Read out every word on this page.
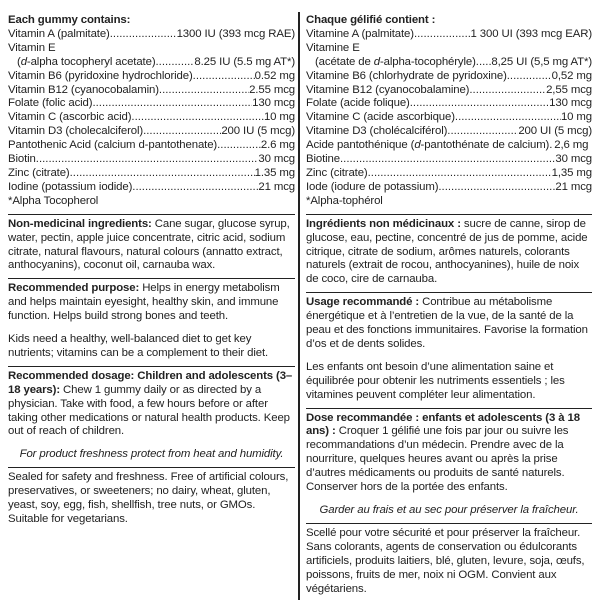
Each gummy contains:
Vitamin A (palmitate) .....	1300 IU (393 mcg RAE)
Vitamin E
(d-alpha tocopheryl acetate) .....	8.25 IU (5.5 mg AT*)
Vitamin B6 (pyridoxine hydrochloride) .....	0.52 mg
Vitamin B12 (cyanocobalamin) .....	2.55 mcg
Folate (folic acid) .....	130 mcg
Vitamin C (ascorbic acid) .....	10 mg
Vitamin D3 (cholecalciferol) .....	200 IU (5 mcg)
Pantothenic Acid (calcium d-pantothenate) .....	2.6 mg
Biotin .....	30 mcg
Zinc (citrate) .....	1.35 mg
Iodine (potassium iodide) .....	21 mcg
*Alpha Tocopherol

Non-medicinal ingredients: Cane sugar, glucose syrup, water, pectin, apple juice concentrate, citric acid, sodium citrate, natural flavours, natural colours (annatto extract, anthocyanins), coconut oil, carnauba wax.

Recommended purpose: Helps in energy metabolism and helps maintain eyesight, healthy skin, and immune function. Helps build strong bones and teeth.

Kids need a healthy, well-balanced diet to get key nutrients; vitamins can be a complement to their diet.

Recommended dosage: Children and adolescents (3–18 years): Chew 1 gummy daily or as directed by a physician. Take with food, a few hours before or after taking other medications or natural health products. Keep out of reach of children.

For product freshness protect from heat and humidity.

Sealed for safety and freshness. Free of artificial colours, preservatives, or sweeteners; no dairy, wheat, gluten, yeast, soy, egg, fish, shellfish, tree nuts, or GMOs. Suitable for vegetarians.

Chaque gélifié contient :
Vitamine A (palmitate) .....	1 300 UI (393 mcg EAR)
Vitamine E
(acétate de d-alpha-tocophéryle) ..... 8,25 UI (5,5 mg AT*)
Vitamine B6 (chlorhydrate de pyridoxine) .....	0,52 mg
Vitamine B12 (cyanocobalamine) .....	2,55 mcg
Folate (acide folique) .....	130 mcg
Vitamine C (acide ascorbique) .....	10 mg
Vitamine D3 (cholécalciférol) .....	200 UI (5 mcg)
Acide pantothénique (d-pantothénate de calcium). 2,6 mg
Biotine .....	30 mcg
Zinc (citrate) .....	1,35 mg
Iode (iodure de potassium) .....	21 mcg
*Alpha-tophérol

Ingrédients non médicinaux : sucre de canne, sirop de glucose, eau, pectine, concentré de jus de pomme, acide citrique, citrate de sodium, arômes naturels, colorants naturels (extrait de rocou, anthocyanines), huile de noix de coco, cire de carnauba.

Usage recommandé : Contribue au métabolisme énergétique et à l’entretien de la vue, de la santé de la peau et des fonctions immunitaires. Favorise la formation d’os et de dents solides.

Les enfants ont besoin d’une alimentation saine et équilibrée pour obtenir les nutriments essentiels ; les vitamines peuvent compléter leur alimentation.

Dose recommandée : enfants et adolescents (3 à 18 ans) : Croquer 1 gélifié une fois par jour ou suivre les recommandations d’un médecin. Prendre avec de la nourriture, quelques heures avant ou après la prise d’autres médicaments ou produits de santé naturels. Conserver hors de la portée des enfants.

Garder au frais et au sec pour préserver la fraîcheur.

Scellé pour votre sécurité et pour préserver la fraîcheur. Sans colorants, agents de conservation ou édulcorants artificiels, produits laitiers, blé, gluten, levure, soja, œufs, poissons, fruits de mer, noix ni OGM. Convient aux végétariens.
